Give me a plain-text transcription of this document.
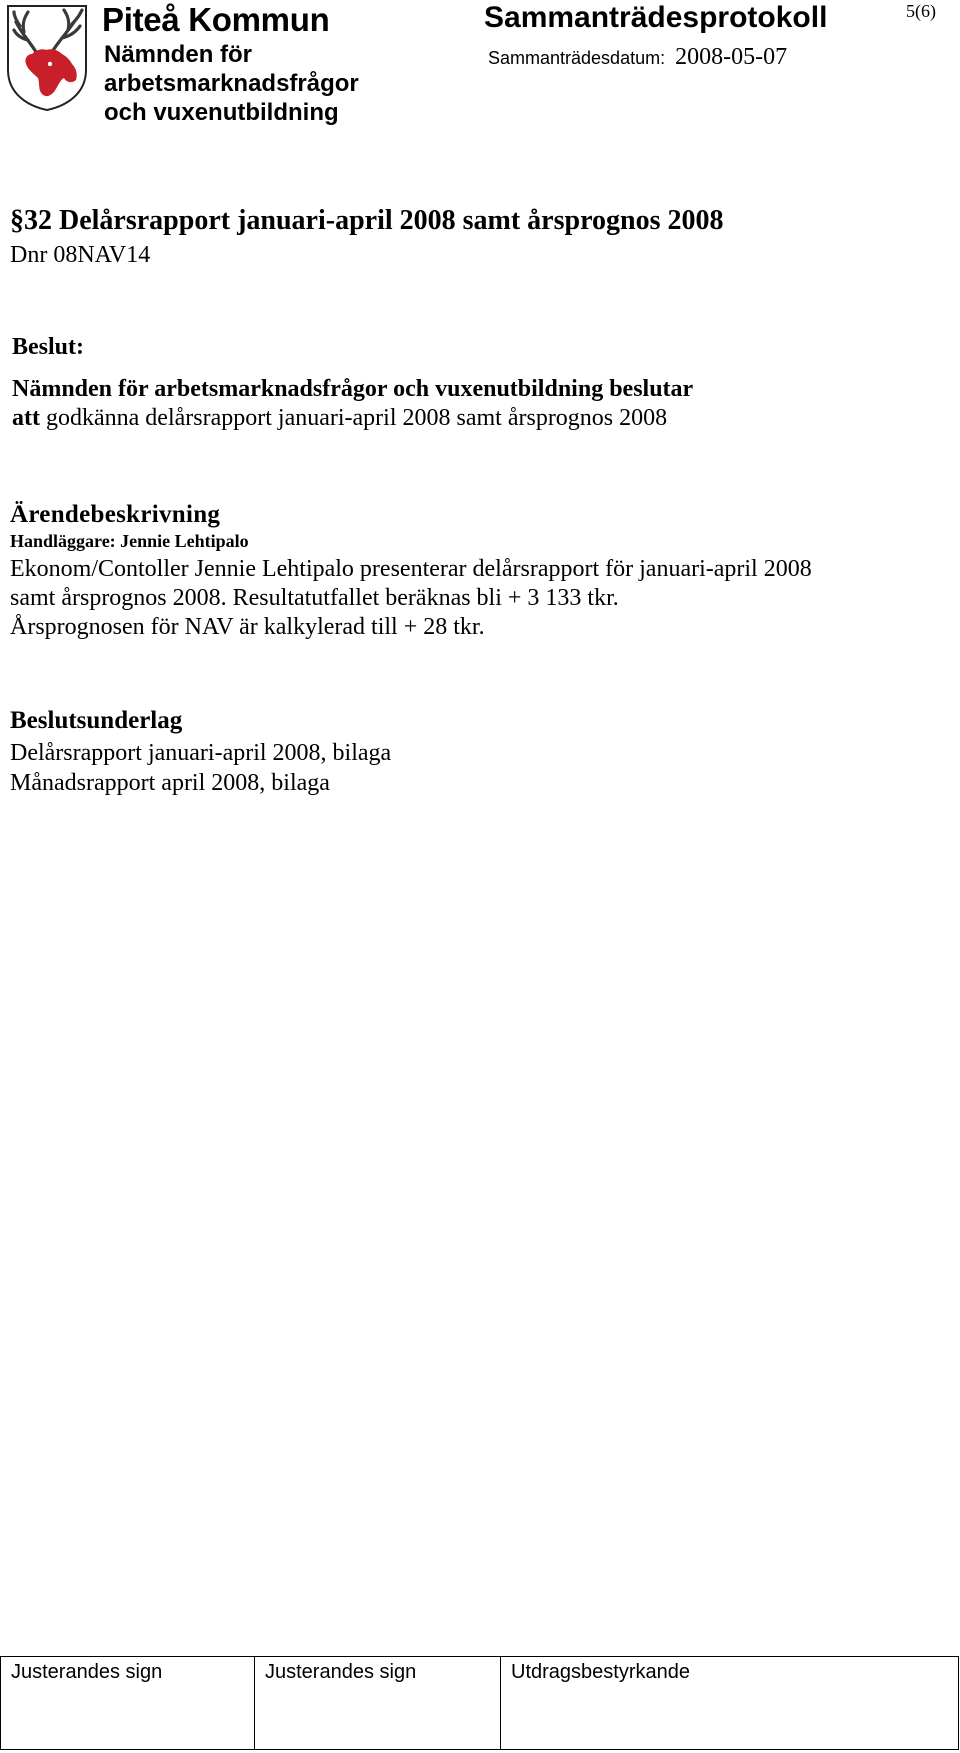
Piteå Kommun
Nämnden för
arbetsmarknadsfrågor
och vuxenutbildning
Sammanträdesprotokoll
Sammanträdesdatum: 2008-05-07
5(6)
§32 Delårsrapport januari-april 2008 samt årsprognos 2008
Dnr 08NAV14
Beslut:
Nämnden för arbetsmarknadsfrågor och vuxenutbildning beslutar
att godkänna delårsrapport januari-april 2008 samt årsprognos 2008
Ärendebeskrivning
Handläggare: Jennie Lehtipalo
Ekonom/Contoller Jennie Lehtipalo presenterar delårsrapport för januari-april 2008
samt årsprognos 2008. Resultatutfallet beräknas bli + 3 133 tkr.
Årsprognosen för NAV är kalkylerad till + 28 tkr.
Beslutsunderlag
Delårsrapport januari-april 2008, bilaga
Månadsrapport april 2008, bilaga
Justerandes sign	Justerandes sign	Utdragsbestyrkande
